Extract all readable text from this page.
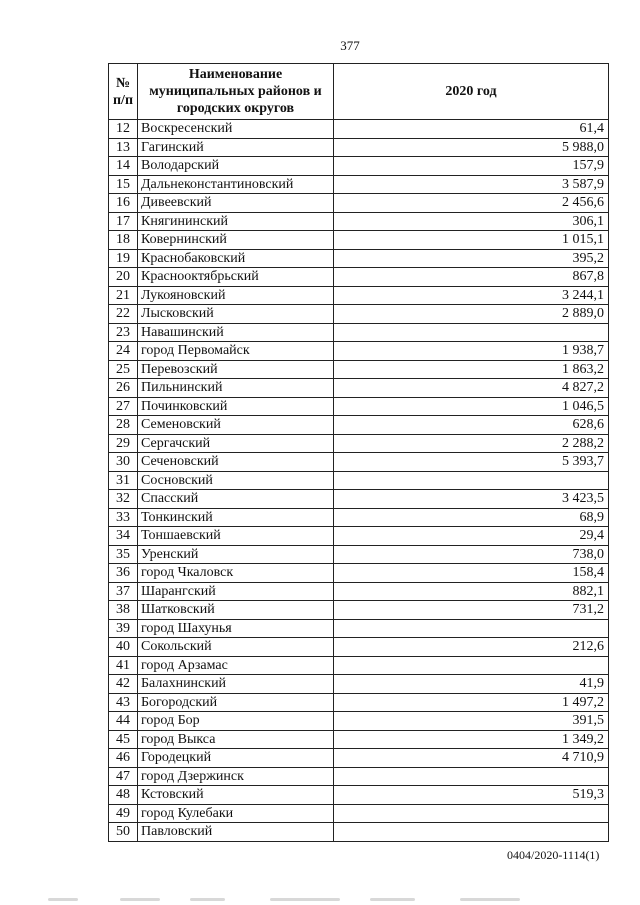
377
№ п/п	Наименование муниципальных районов и городских округов	2020 год
12	Воскресенский	61,4
13	Гагинский	5 988,0
14	Володарский	157,9
15	Дальнеконстантиновский	3 587,9
16	Дивеевский	2 456,6
17	Княгининский	306,1
18	Ковернинский	1 015,1
19	Краснобаковский	395,2
20	Краснооктябрьский	867,8
21	Лукояновский	3 244,1
22	Лысковский	2 889,0
23	Навашинский	
24	город Первомайск	1 938,7
25	Перевозский	1 863,2
26	Пильнинский	4 827,2
27	Починковский	1 046,5
28	Семеновский	628,6
29	Сергачский	2 288,2
30	Сеченовский	5 393,7
31	Сосновский	
32	Спасский	3 423,5
33	Тонкинский	68,9
34	Тоншаевский	29,4
35	Уренский	738,0
36	город Чкаловск	158,4
37	Шарангский	882,1
38	Шатковский	731,2
39	город Шахунья	
40	Сокольский	212,6
41	город Арзамас	
42	Балахнинский	41,9
43	Богородский	1 497,2
44	город Бор	391,5
45	город Выкса	1 349,2
46	Городецкий	4 710,9
47	город Дзержинск	
48	Кстовский	519,3
49	город Кулебаки	
50	Павловский	
0404/2020-1114(1)
